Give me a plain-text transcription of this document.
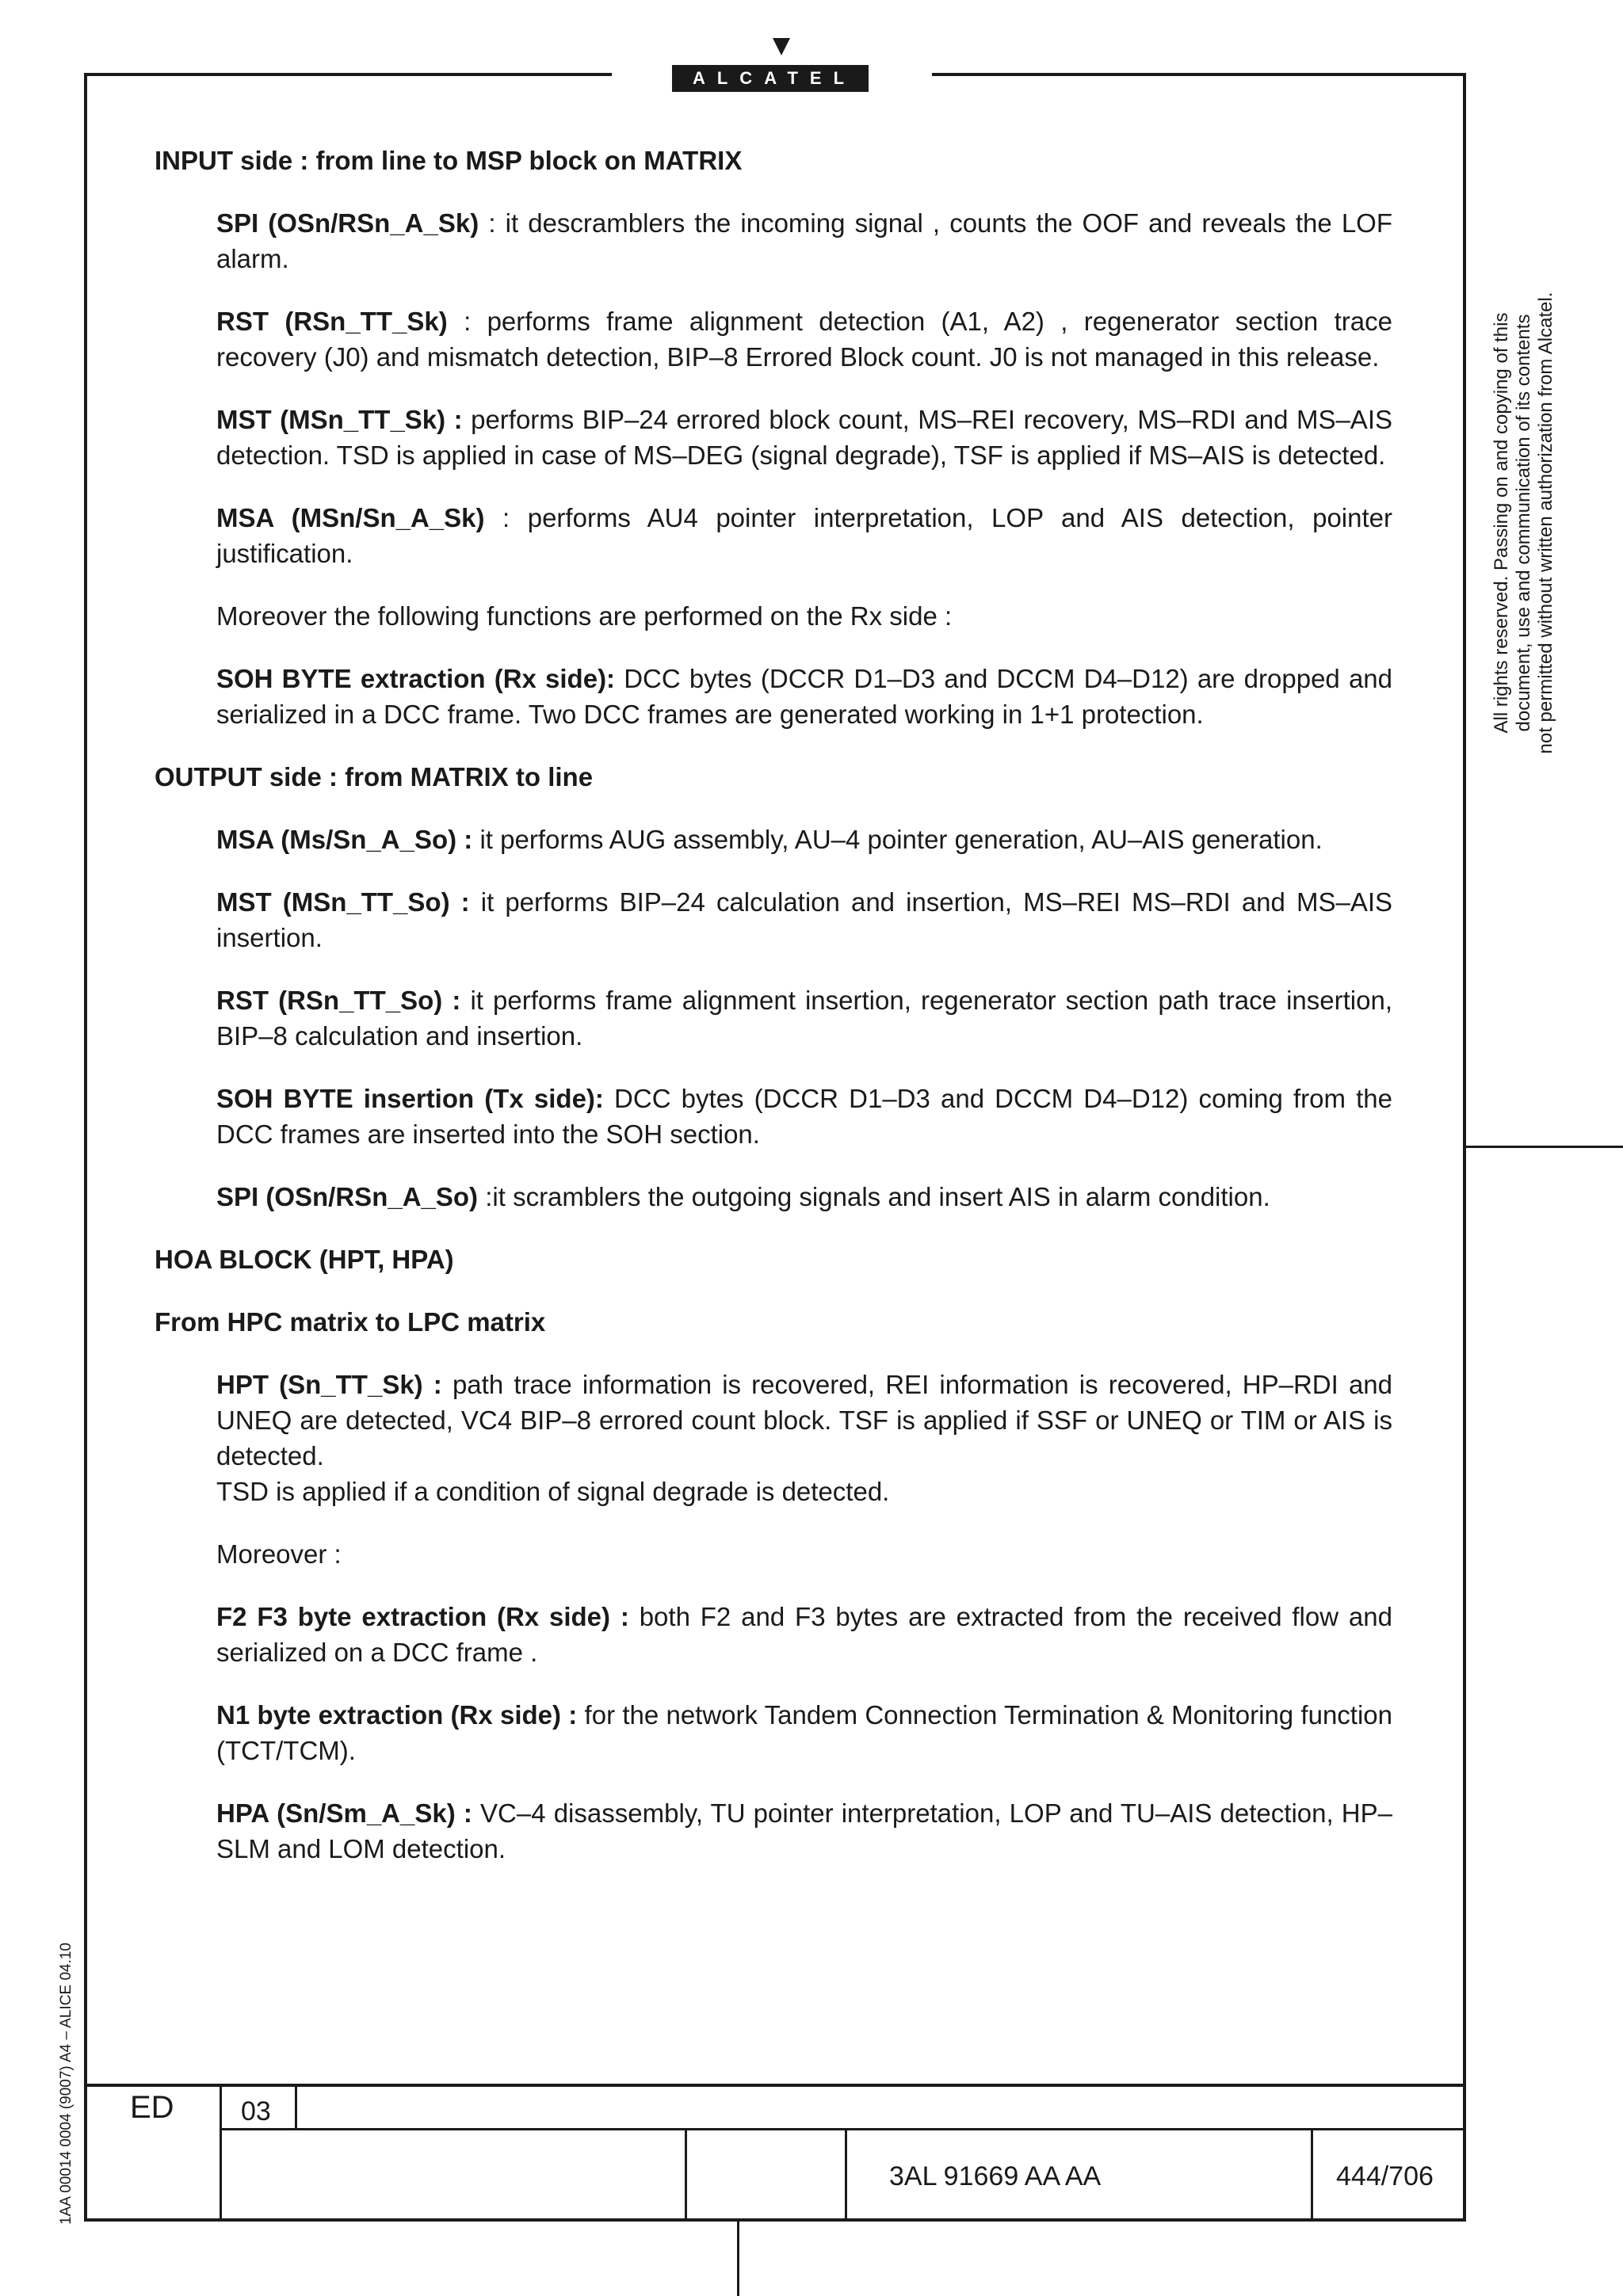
ALCATEL
All rights reserved. Passing on and copying of this document, use and communication of its contents not permitted without written authorization from Alcatel.
1AA 00014 0004 (9007) A4 – ALICE 04.10
INPUT side : from line to MSP block on MATRIX
SPI (OSn/RSn_A_Sk) : it descramblers the incoming signal , counts the OOF and reveals the LOF alarm.
RST (RSn_TT_Sk) : performs frame alignment detection (A1, A2) , regenerator section trace recovery (J0) and mismatch detection, BIP–8 Errored Block count. J0 is not managed in this release.
MST (MSn_TT_Sk) : performs BIP–24 errored block count, MS–REI recovery, MS–RDI and MS–AIS detection. TSD is applied in case of MS–DEG (signal degrade), TSF is applied if MS–AIS is detected.
MSA (MSn/Sn_A_Sk) : performs AU4 pointer interpretation, LOP and AIS detection, pointer justification.
Moreover the following functions are performed on the Rx side :
SOH BYTE extraction (Rx side): DCC bytes (DCCR D1–D3 and DCCM D4–D12) are dropped and serialized in a DCC frame. Two DCC frames are generated working in 1+1 protection.
OUTPUT side : from MATRIX to line
MSA (Ms/Sn_A_So) : it performs AUG assembly, AU–4 pointer generation, AU–AIS generation.
MST (MSn_TT_So) : it performs BIP–24 calculation and insertion, MS–REI MS–RDI and MS–AIS insertion.
RST (RSn_TT_So) : it performs frame alignment insertion, regenerator section path trace insertion, BIP–8 calculation and insertion.
SOH BYTE insertion (Tx side): DCC bytes (DCCR D1–D3 and DCCM D4–D12) coming from the DCC frames are inserted into the SOH section.
SPI (OSn/RSn_A_So) :it scramblers the outgoing signals and insert AIS in alarm condition.
HOA BLOCK (HPT, HPA)
From HPC matrix to LPC matrix
HPT (Sn_TT_Sk) : path trace information is recovered, REI information is recovered, HP–RDI and UNEQ are detected, VC4 BIP–8 errored count block. TSF is applied if SSF or UNEQ or TIM or AIS is detected.
TSD is applied if a condition of signal degrade is detected.
Moreover :
F2 F3 byte extraction (Rx side) : both F2 and F3 bytes are extracted from the received flow and serialized on a DCC frame .
N1 byte extraction (Rx side) : for the network Tandem Connection Termination & Monitoring function (TCT/TCM).
HPA (Sn/Sm_A_Sk) : VC–4 disassembly, TU pointer interpretation, LOP and TU–AIS detection, HP–SLM and LOM detection.
ED 03
3AL 91669 AA AA	444/706
